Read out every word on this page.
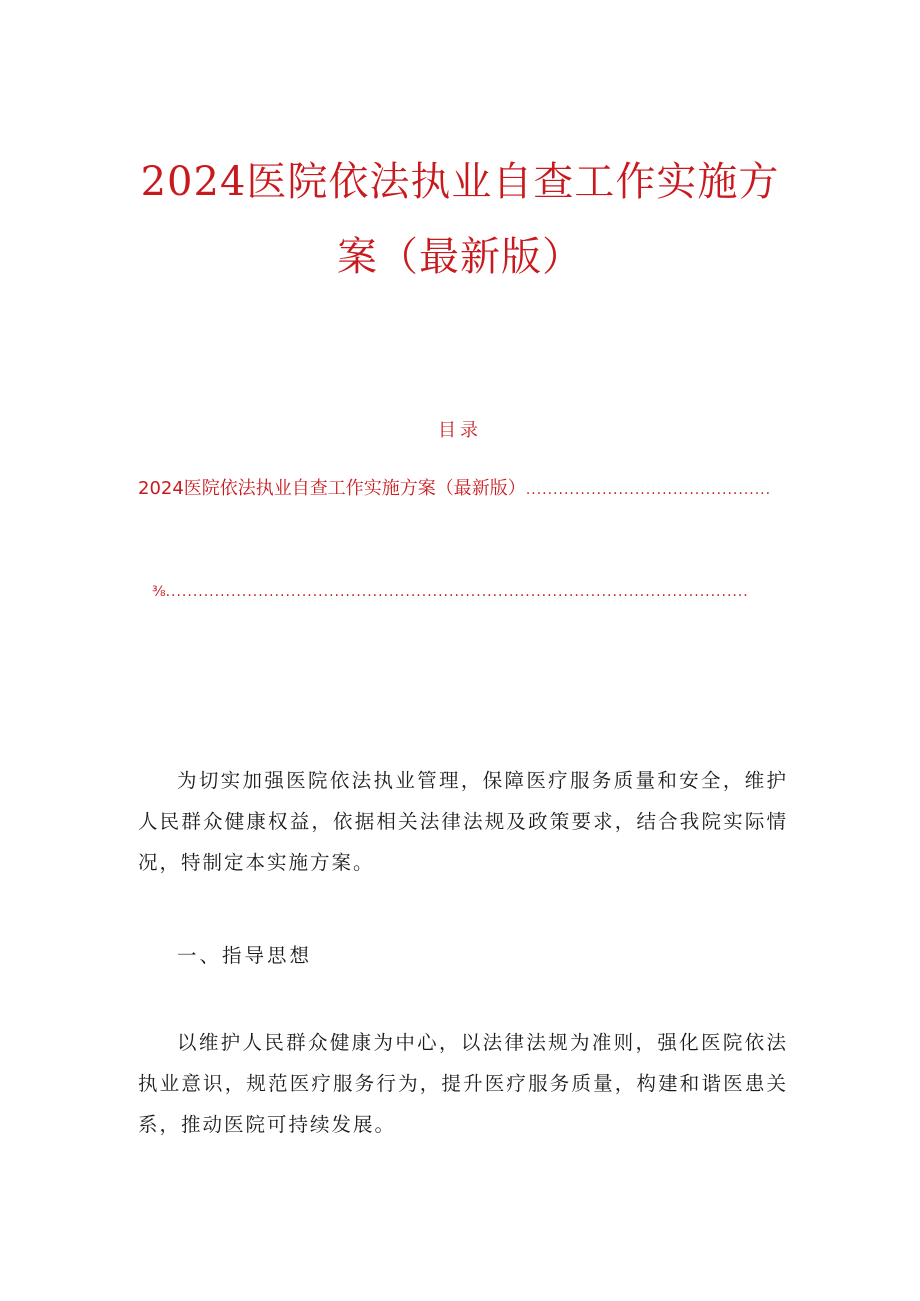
2024医院依法执业自查工作实施方
案（最新版）
目录
2024医院依法执业自查工作实施方案（最新版）.............................................
⅜...........................................................................................................

为切实加强医院依法执业管理，保障医疗服务质量和安全，维护人民群众健康权益，依据相关法律法规及政策要求，结合我院实际情况，特制定本实施方案。

一、指导思想

以维护人民群众健康为中心，以法律法规为准则，强化医院依法执业意识，规范医疗服务行为，提升医疗服务质量，构建和谐医患关系，推动医院可持续发展。
